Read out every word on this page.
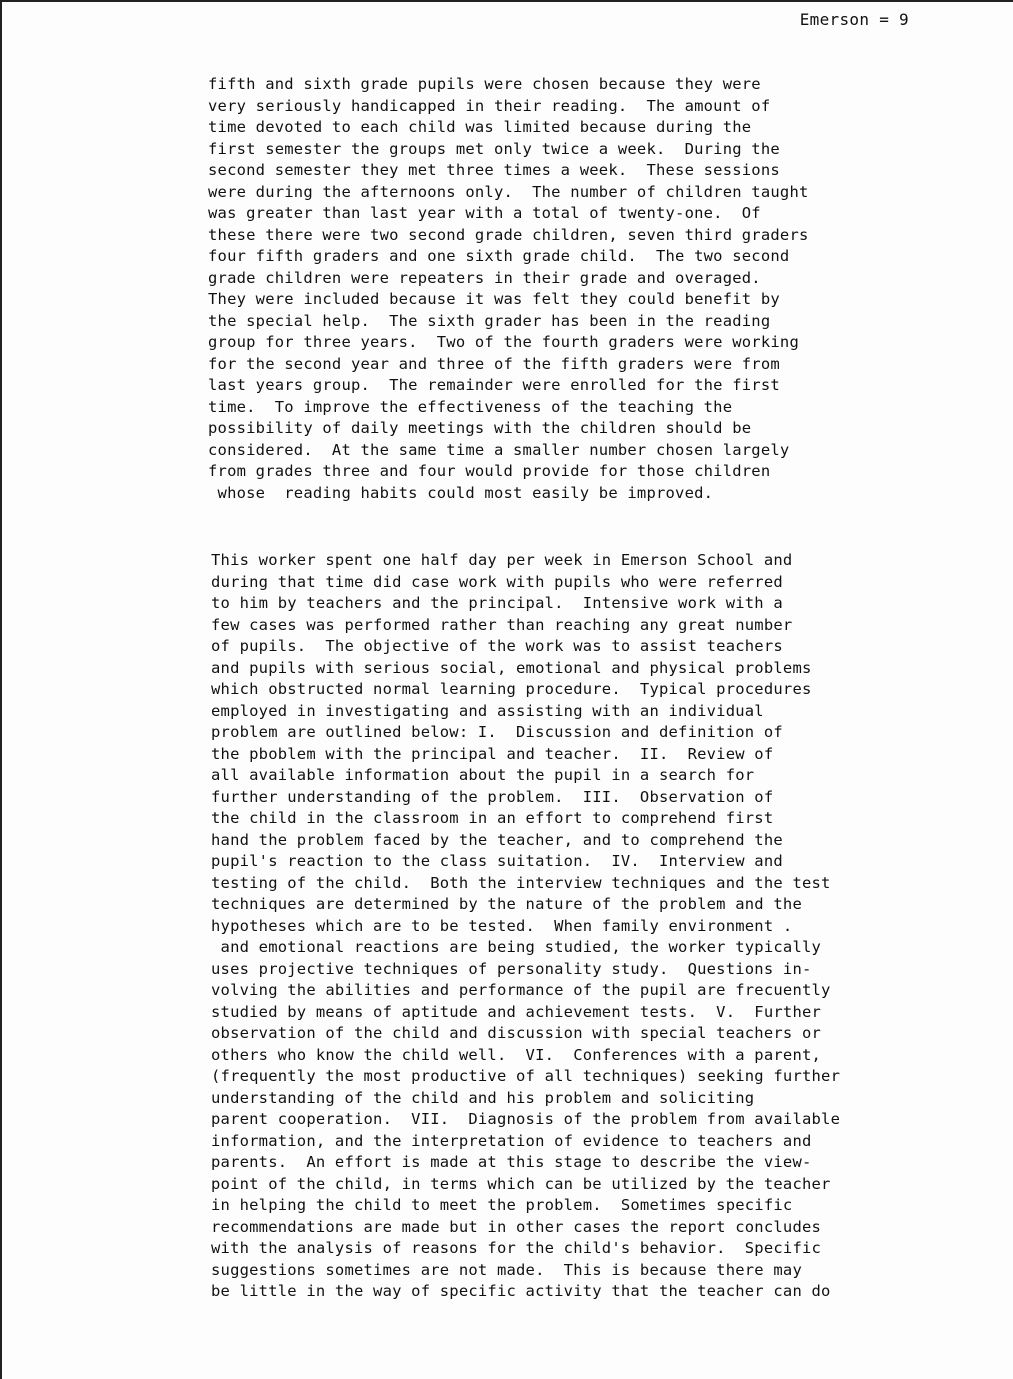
Emerson = 9
fifth and sixth grade pupils were chosen because they were
very seriously handicapped in their reading.  The amount of
time devoted to each child was limited because during the
first semester the groups met only twice a week.  During the
second semester they met three times a week.  These sessions
were during the afternoons only.  The number of children taught
was greater than last year with a total of twenty-one.  Of
these there were two second grade children, seven third graders
four fifth graders and one sixth grade child.  The two second
grade children were repeaters in their grade and overaged.
They were included because it was felt they could benefit by
the special help.  The sixth grader has been in the reading
group for three years.  Two of the fourth graders were working
for the second year and three of the fifth graders were from
last years group.  The remainder were enrolled for the first
time.  To improve the effectiveness of the teaching the
possibility of daily meetings with the children should be
considered.  At the same time a smaller number chosen largely
from grades three and four would provide for those children
whose  reading habits could most easily be improved.
This worker spent one half day per week in Emerson School and
during that time did case work with pupils who were referred
to him by teachers and the principal.  Intensive work with a
few cases was performed rather than reaching any great number
of pupils.  The objective of the work was to assist teachers
and pupils with serious social, emotional and physical problems
which obstructed normal learning procedure.  Typical procedures
employed in investigating and assisting with an individual
problem are outlined below: I.  Discussion and definition of
the pboblem with the principal and teacher.  II.  Review of
all available information about the pupil in a search for
further understanding of the problem.  III.  Observation of
the child in the classroom in an effort to comprehend first
hand the problem faced by the teacher, and to comprehend the
pupil's reaction to the class suitation.  IV.  Interview and
testing of the child.  Both the interview techniques and the test
techniques are determined by the nature of the problem and the
hypotheses which are to be tested.  When family environment .
and emotional reactions are being studied, the worker typically
uses projective techniques of personality study.  Questions in-
volving the abilities and performance of the pupil are frecuently
studied by means of aptitude and achievement tests.  V.  Further
observation of the child and discussion with special teachers or
others who know the child well.  VI.  Conferences with a parent,
(frequently the most productive of all techniques) seeking further
understanding of the child and his problem and soliciting
parent cooperation.  VII.  Diagnosis of the problem from available
information, and the interpretation of evidence to teachers and
parents.  An effort is made at this stage to describe the view-
point of the child, in terms which can be utilized by the teacher
in helping the child to meet the problem.  Sometimes specific
recommendations are made but in other cases the report concludes
with the analysis of reasons for the child's behavior.  Specific
suggestions sometimes are not made.  This is because there may
be little in the way of specific activity that the teacher can do
